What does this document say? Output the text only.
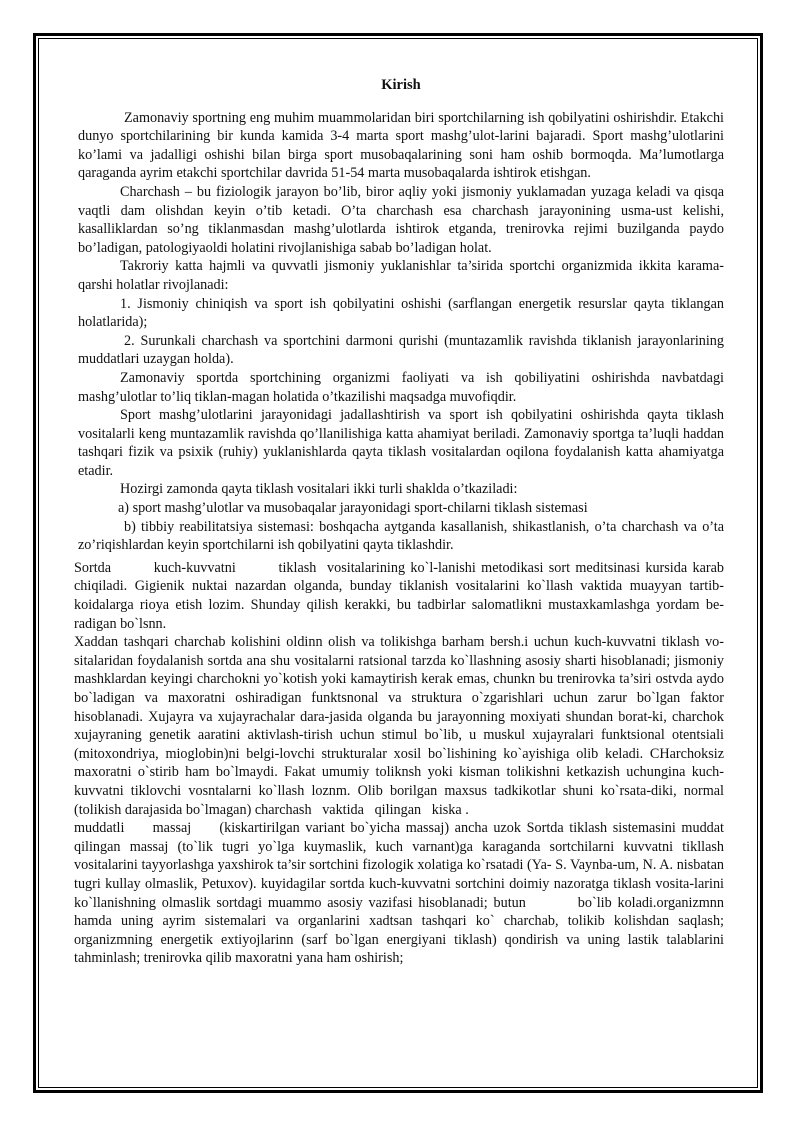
Kirish

Zamonaviy sportning eng muhim muammolaridan biri sportchilarning ish qobilyatini oshirishdir. Etakchi dunyo sportchilarining bir kunda kamida 3-4 marta sport mashg’ulot-larini bajaradi. Sport mashg’ulotlarini ko’lami va jadalligi oshishi bilan birga sport musobaqalarining soni ham oshib bormoqda. Ma’lumotlarga qaraganda ayrim etakchi sportchilar davrida 51-54 marta musobaqalarda ishtirok etishgan.

Charchash – bu fiziologik jarayon bo’lib, biror aqliy yoki jismoniy yuklamadan yuzaga keladi va qisqa vaqtli dam olishdan keyin o’tib ketadi. O’ta charchash esa charchash jarayonining usma-ust kelishi, kasalliklardan so’ng tiklanmasdan mashg’ulotlarda ishtirok etganda, trenirovka rejimi buzilganda paydo bo’ladigan, patologiyaoldi holatini rivojlanishiga sabab bo’ladigan holat.

Takroriy katta hajmli va quvvatli jismoniy yuklanishlar ta’sirida sportchi organizmida ikkita karama-qarshi holatlar rivojlanadi:

1. Jismoniy chiniqish va sport ish qobilyatini oshishi (sarflangan energetik resurslar qayta tiklangan holatlarida);

2. Surunkali charchash va sportchini darmoni qurishi (muntazamlik ravishda tiklanish jarayonlarining muddatlari uzaygan holda).

Zamonaviy sportda sportchining organizmi faoliyati va ish qobiliyatini oshirishda navbatdagi mashg’ulotlar to’liq tiklan-magan holatida o’tkazilishi maqsadga muvofiqdir.

Sport mashg’ulotlarini jarayonidagi jadallashtirish va sport ish qobilyatini oshirishda qayta tiklash vositalarli keng muntazamlik ravishda qo’llanilishiga katta ahamiyat beriladi. Zamonaviy sportga ta’luqli haddan tashqari fizik va psixik (ruhiy) yuklanishlarda qayta tiklash vositalardan oqilona foydalanish katta ahamiyatga etadir.

Hozirgi zamonda qayta tiklash vositalari ikki turli shaklda o’tkaziladi:

a) sport mashg’ulotlar va musobaqalar jarayonidagi sport-chilarni tiklash sistemasi

b) tibbiy reabilitatsiya sistemasi: boshqacha aytganda kasallanish, shikastlanish, o’ta charchash va o’ta zo’riqishlardan keyin sportchilarni ish qobilyatini qayta tiklashdir.

Sortda        kuch-kuvvatni        tiklash  vositalarining ko`l-lanishi metodikasi sort meditsinasi kursida karab chiqiladi. Gigienik nuktai nazardan olganda, bunday tiklanish vositalarini ko`llash vaktida muayyan tartib-koidalarga rioya etish lozim. Shunday qilish kerakki, bu tadbirlar salomatlikni mustaxkamlashga yordam be-radigan bo`lsnn.

Xaddan tashqari charchab kolishini oldinn olish va tolikishga barham bersh.i uchun kuch-kuvvatni tiklash vo-sitalaridan foydalanish sortda ana shu vositalarni ratsional tarzda ko`llashning asosiy sharti hisoblanadi; jismoniy mashklardan keyingi charchokni yo`kotish yoki kamaytirish kerak emas, chunkn bu trenirovka ta’siri ostvda aydo bo`ladigan va maxoratni oshiradigan funktsnonal va struktura o`zgarishlari uchun zarur bo`lgan faktor hisoblanadi. Xujayra va xujayrachalar dara-jasida olganda bu jarayonning moxiyati shundan borat-ki, charchok xujayraning genetik aaratini aktivlash-tirish uchun stimul bo`lib, u muskul xujayralari funktsional otentsiali (mitoxondriya, mioglobin)ni belgi-lovchi strukturalar xosil bo`lishining ko`ayishiga olib keladi. CHarchoksiz maxoratni o`stirib ham bo`lmaydi. Fakat umumiy toliknsh yoki kisman tolikishni ketkazish uchungina kuch-kuvvatni tiklovchi vosntalarni ko`llash loznm. Olib borilgan maxsus tadkikotlar shuni ko`rsata-diki, normal (tolikish darajasida bo`lmagan) charchash   vaktida   qilingan   kiska .

muddatli     massaj     (kiskartirilgan variant bo`yicha massaj) ancha uzok Sortda tiklash sistemasini muddat qilingan massaj (to`lik tugri yo`lga kuymaslik, kuch varnant)ga karaganda sortchilarni kuvvatni tikllash vositalarini tayyorlashga yaxshirok ta’sir sortchini fizologik xolatiga ko`rsatadi (Ya- S. Vaynba-um, N. A. nisbatan tugri kullay olmaslik, Petuxov). kuyidagilar sortda kuch-kuvvatni sortchini doimiy nazoratga tiklash vosita-larini ko`llanishning olmaslik sortdagi muammo asosiy vazifasi hisoblanadi; butun         bo`lib koladi.organizmnn hamda uning ayrim sistemalari va organlarini xadtsan tashqari ko` charchab, tolikib kolishdan saqlash; organizmning energetik extiyojlarinn (sarf bo`lgan energiyani tiklash) qondirish va uning lastik talablarini tahminlash; trenirovka qilib maxoratni yana ham oshirish;
